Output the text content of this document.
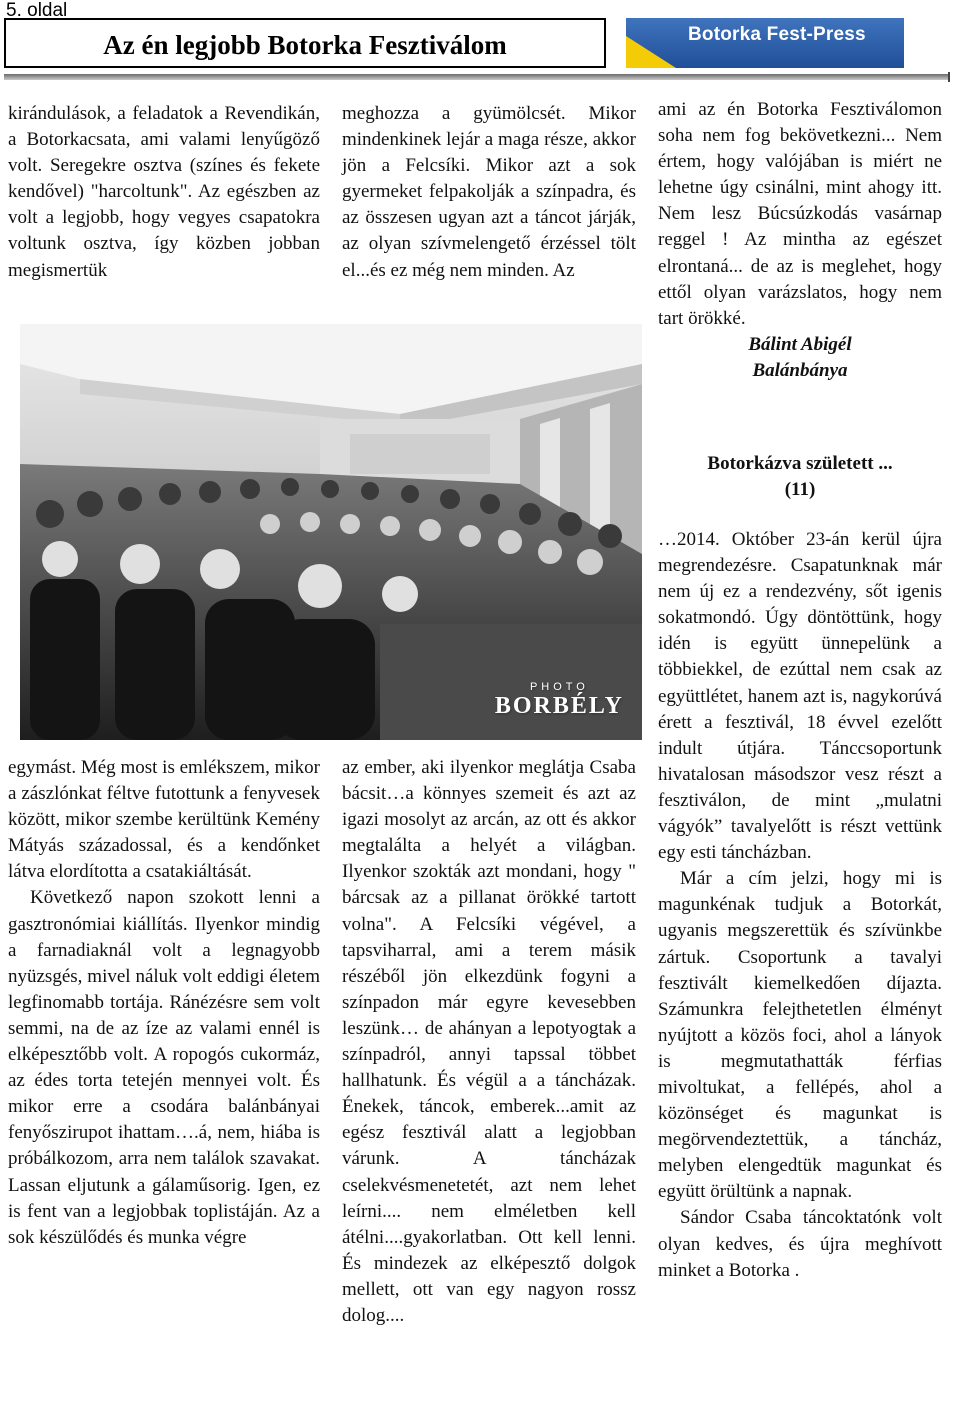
5. oldal
Az én legjobb Botorka Fesztiválom	Botorka Fest-Press

kirándulások, a feladatok a Revendikán, a Botorkacsata, ami valami lenyűgöző volt. Seregekre osztva (színes és fekete kendővel) "harcoltunk". Az egészben az volt a legjobb, hogy vegyes csapatokra voltunk osztva, így közben jobban megismertük

meghozza a gyümölcsét. Mikor mindenkinek lejár a maga része, akkor jön a Felcsíki. Mikor azt a sok gyermeket felpakolják a színpadra, és az összesen ugyan azt a táncot járják, az olyan szívmelengető érzéssel tölt el...és ez még nem minden. Az

PHOTO
BORBÉLY

egymást. Még most is emlékszem, mikor a zászlónkat féltve futottunk a fenyvesek között, mikor szembe kerültünk Kemény Mátyás századossal, és a kendőnket látva elordította a csatakiáltását.

Következő napon szokott lenni a gasztronómiai kiállítás. Ilyenkor mindig a farnadiaknál volt a legnagyobb nyüzsgés, mivel náluk volt eddigi életem legfinomabb tortája. Ránézésre sem volt semmi, na de az íze az valami ennél is elképesztőbb volt. A ropogós cukormáz, az édes torta tetején mennyei volt. És mikor erre a csodára balánbányai fenyőszirupot ihattam….á, nem, hiába is próbálkozom, arra nem találok szavakat. Lassan eljutunk a gálaműsorig. Igen, ez is fent van a legjobbak toplistáján. Az a sok készülődés és munka végre

az ember, aki ilyenkor meglátja Csaba bácsit…a könnyes szemeit és azt az igazi mosolyt az arcán, az ott és akkor megtalálta a helyét a világban. Ilyenkor szokták azt mondani, hogy " bárcsak az a pillanat örökké tartott volna". A Felcsíki végével, a tapsviharral, ami a terem másik részéből jön elkezdünk fogyni a színpadon már egyre kevesebben leszünk… de ahányan a lepotyogtak a színpadról, annyi tapssal többet hallhatunk. És végül a a táncházak. Énekek, táncok, emberek...amit az egész fesztivál alatt a legjobban várunk. A táncházak cselekvésmenetetét, azt nem lehet leírni.... nem elméletben kell átélni....gyakorlatban. Ott kell lenni. És mindezek az elképesztő dolgok mellett, ott van egy nagyon rossz dolog....

ami az én Botorka Fesztiválomon soha nem fog bekövetkezni... Nem értem, hogy valójában is miért ne lehetne úgy csinálni, mint ahogy itt. Nem lesz Búcsúzkodás vasárnap reggel ! Az mintha az egészet elrontaná... de az is meglehet, hogy ettől olyan varázslatos, hogy nem tart örökké.

Bálint Abigél

Balánbánya

Botorkázva született ...

(11)

…2014. Október 23-án kerül újra megrendezésre. Csapatunknak már nem új ez a rendezvény, sőt igenis sokatmondó. Úgy döntöttünk, hogy idén is együtt ünnepelünk a többiekkel, de ezúttal nem csak az együttlétet, hanem azt is, nagykorúvá érett a fesztivál, 18 évvel ezelőtt indult útjára. Tánccsoportunk hivatalosan másodszor vesz részt a fesztiválon, de mint „mulatni vágyók” tavalyelőtt is részt vettünk egy esti táncházban.

Már a cím jelzi, hogy mi is magunkénak tudjuk a Botorkát, ugyanis megszerettük és szívünkbe zártuk. Csoportunk a tavalyi fesztivált kiemelkedően díjazta. Számunkra felejthetetlen élményt nyújtott a közös foci, ahol a lányok is megmutathatták férfias mivoltukat, a fellépés, ahol a közönséget és magunkat is megörvendeztettük, a táncház, melyben elengedtük magunkat és együtt örültünk a napnak.

Sándor Csaba táncoktatónk volt olyan kedves, és újra meghívott minket a Botorka .
